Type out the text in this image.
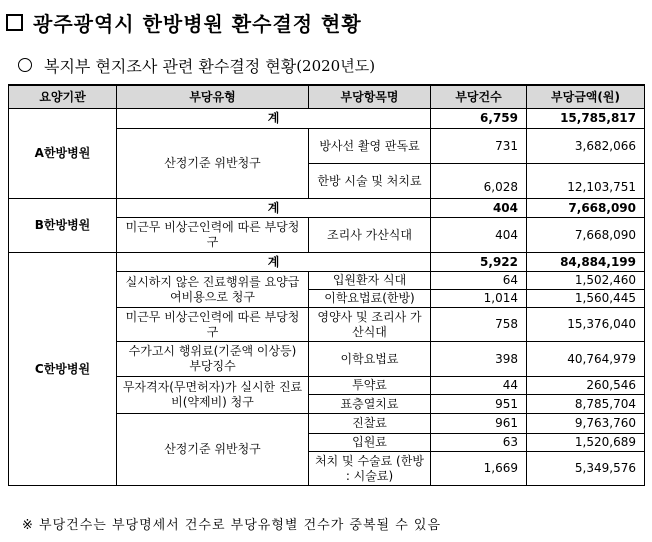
광주광역시 한방병원 환수결정 현황
복지부 현지조사 관련 환수결정 현황 (2020년도)
요양기관	부당유형	부당항목명	부당건수	부당금액(원)
A한방병원	계		6,759	15,785,817
	산정기준 위반청구	방사선 촬영 판독료	731	3,682,066
		한방 시술 및 처치료	6,028	12,103,751
B한방병원	계		404	7,668,090
	미근무 비상근인력에 따른 부당청구	조리사 가산식대	404	7,668,090
C한방병원	계		5,922	84,884,199
	실시하지 않은 진료행위를 요양급여비용으로 청구	입원환자 식대	64	1,502,460
		이학요법료(한방)	1,014	1,560,445
	미근무 비상근인력에 따른 부당청구	영양사 및 조리사 가산식대	758	15,376,040
	수가고시 행위료(기준액 이상등) 부당징수	이학요법료	398	40,764,979
	무자격자(무면허자)가 실시한 진료비(약제비) 청구	투약료	44	260,546
		표층열치료	951	8,785,704
	산정기준 위반청구	진찰료	961	9,763,760
		입원료	63	1,520,689
		처치 및 수술료 (한방 : 시술료)	1,669	5,349,576
※ 부당건수는 부당명세서 건수로 부당유형별 건수가 중복될 수 있음
